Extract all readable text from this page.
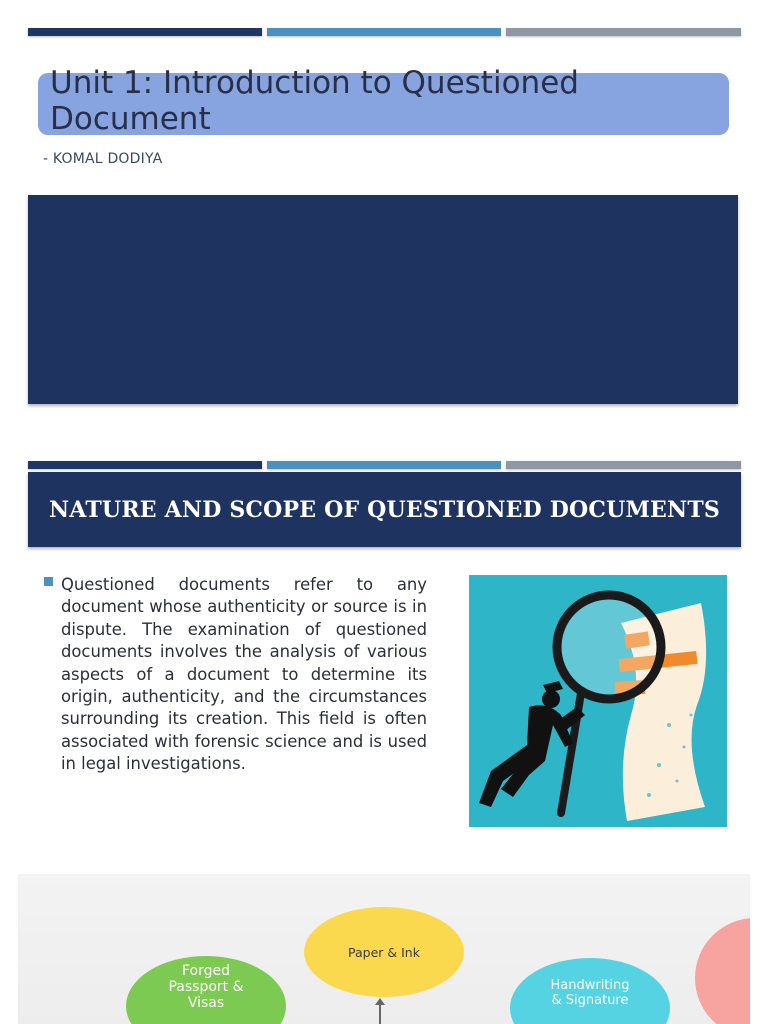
Unit 1: Introduction to Questioned Document
- KOMAL DODIYA
NATURE AND SCOPE OF QUESTIONED DOCUMENTS
Questioned documents refer to any document whose authenticity or source is in dispute. The examination of questioned documents involves the analysis of various aspects of a document to determine its origin, authenticity, and the circumstances surrounding its creation. This field is often associated with forensic science and is used in legal investigations.
Paper & Ink
Forged
Passport &
Visas
Handwriting
& Signature
